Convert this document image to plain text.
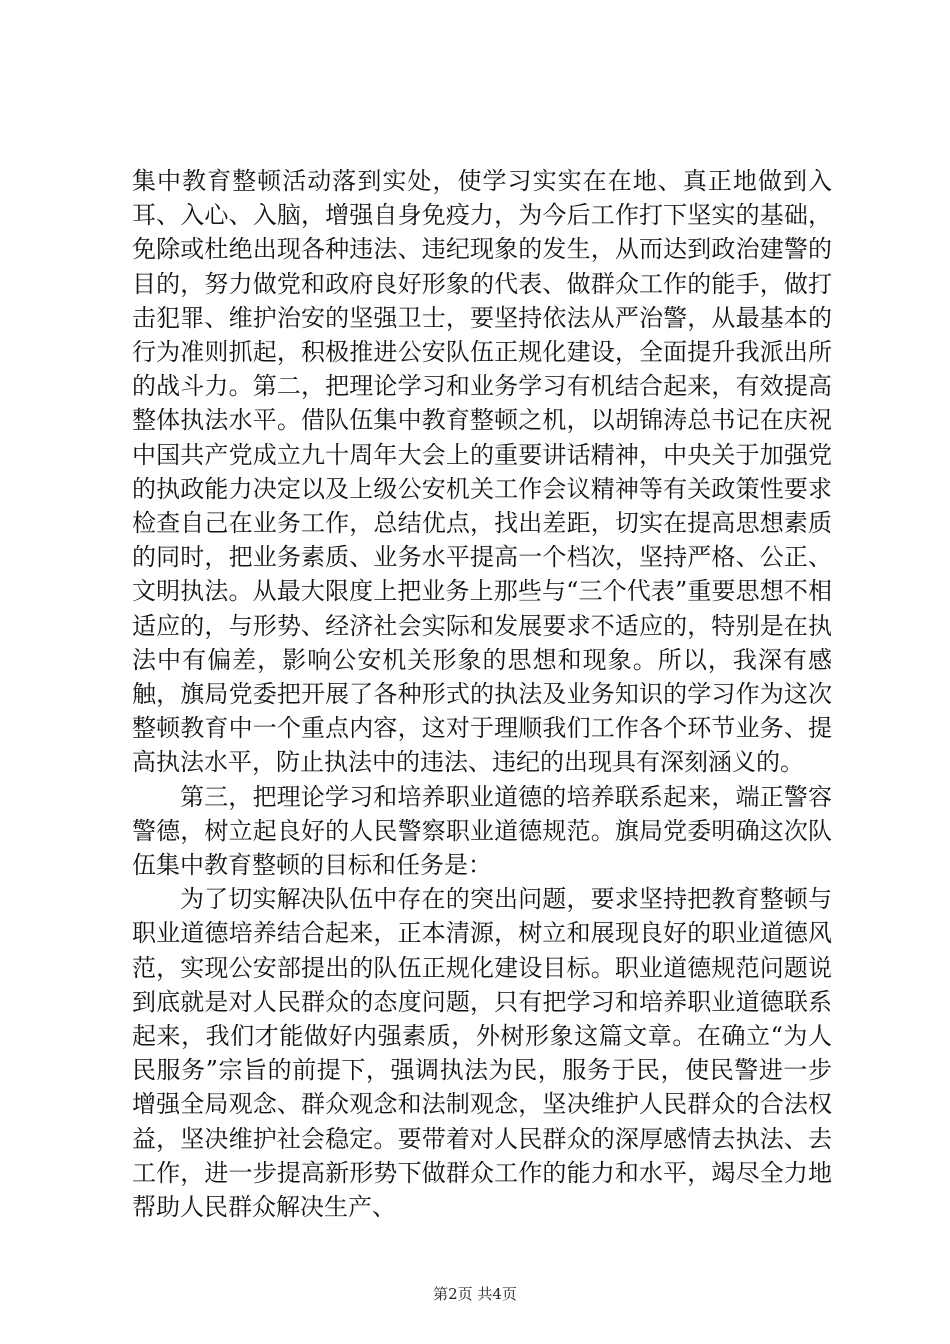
集中教育整顿活动落到实处，使学习实实在在地、真正地做到入耳、入心、入脑，增强自身免疫力，为今后工作打下坚实的基础，免除或杜绝出现各种违法、违纪现象的发生，从而达到政治建警的目的，努力做党和政府良好形象的代表、做群众工作的能手，做打击犯罪、维护治安的坚强卫士，要坚持依法从严治警，从最基本的行为准则抓起，积极推进公安队伍正规化建设，全面提升我派出所的战斗力。第二，把理论学习和业务学习有机结合起来，有效提高整体执法水平。借队伍集中教育整顿之机，以胡锦涛总书记在庆祝中国共产党成立九十周年大会上的重要讲话精神，中央关于加强党的执政能力决定以及上级公安机关工作会议精神等有关政策性要求检查自己在业务工作，总结优点，找出差距，切实在提高思想素质的同时，把业务素质、业务水平提高一个档次，坚持严格、公正、文明执法。从最大限度上把业务上那些与“三个代表”重要思想不相适应的，与形势、经济社会实际和发展要求不适应的，特别是在执法中有偏差，影响公安机关形象的思想和现象。所以，我深有感触，旗局党委把开展了各种形式的执法及业务知识的学习作为这次整顿教育中一个重点内容，这对于理顺我们工作各个环节业务、提高执法水平，防止执法中的违法、违纪的出现具有深刻涵义的。

第三，把理论学习和培养职业道德的培养联系起来，端正警容警德，树立起良好的人民警察职业道德规范。旗局党委明确这次队伍集中教育整顿的目标和任务是：

为了切实解决队伍中存在的突出问题，要求坚持把教育整顿与职业道德培养结合起来，正本清源，树立和展现良好的职业道德风范，实现公安部提出的队伍正规化建设目标。职业道德规范问题说到底就是对人民群众的态度问题，只有把学习和培养职业道德联系起来，我们才能做好内强素质，外树形象这篇文章。在确立“为人民服务”宗旨的前提下，强调执法为民，服务于民，使民警进一步增强全局观念、群众观念和法制观念，坚决维护人民群众的合法权益，坚决维护社会稳定。要带着对人民群众的深厚感情去执法、去工作，进一步提高新形势下做群众工作的能力和水平，竭尽全力地帮助人民群众解决生产、

第2页 共4页
